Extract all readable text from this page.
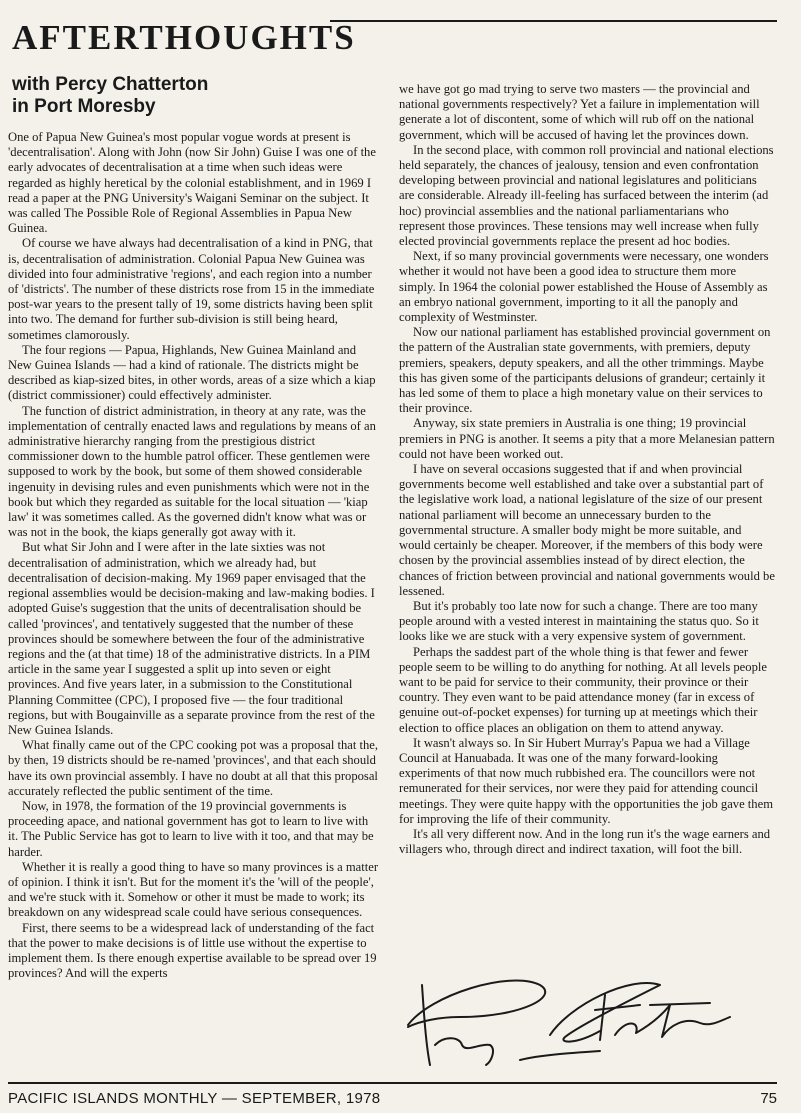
AFTERTHOUGHTS
with Percy Chatterton
in Port Moresby

One of Papua New Guinea's most popular vogue words at present is 'decentralisation'. Along with John (now Sir John) Guise I was one of the early advocates of decentralisation at a time when such ideas were regarded as highly heretical by the colonial establishment, and in 1969 I read a paper at the PNG University's Waigani Seminar on the subject. It was called The Possible Role of Regional Assemblies in Papua New Guinea.

Of course we have always had decentralisation of a kind in PNG, that is, decentralisation of administration. Colonial Papua New Guinea was divided into four administrative 'regions', and each region into a number of 'districts'. The number of these districts rose from 15 in the immediate post-war years to the present tally of 19, some districts having been split into two. The demand for further sub-division is still being heard, sometimes clamorously.

The four regions — Papua, Highlands, New Guinea Mainland and New Guinea Islands — had a kind of rationale. The districts might be described as kiap-sized bites, in other words, areas of a size which a kiap (district commissioner) could effectively administer.

The function of district administration, in theory at any rate, was the implementation of centrally enacted laws and regulations by means of an administrative hierarchy ranging from the prestigious district commissioner down to the humble patrol officer. These gentlemen were supposed to work by the book, but some of them showed considerable ingenuity in devising rules and even punishments which were not in the book but which they regarded as suitable for the local situation — 'kiap law' it was sometimes called. As the governed didn't know what was or was not in the book, the kiaps generally got away with it.

But what Sir John and I were after in the late sixties was not decentralisation of administration, which we already had, but decentralisation of decision-making. My 1969 paper envisaged that the regional assemblies would be decision-making and law-making bodies. I adopted Guise's suggestion that the units of decentralisation should be called 'provinces', and tentatively suggested that the number of these provinces should be somewhere between the four of the administrative regions and the (at that time) 18 of the administrative districts. In a PIM article in the same year I suggested a split up into seven or eight provinces. And five years later, in a submission to the Constitutional Planning Committee (CPC), I proposed five — the four traditional regions, but with Bougainville as a separate province from the rest of the New Guinea Islands.

What finally came out of the CPC cooking pot was a proposal that the, by then, 19 districts should be re-named 'provinces', and that each should have its own provincial assembly. I have no doubt at all that this proposal accurately reflected the public sentiment of the time.

Now, in 1978, the formation of the 19 provincial governments is proceeding apace, and national government has got to learn to live with it. The Public Service has got to learn to live with it too, and that may be harder.

Whether it is really a good thing to have so many provinces is a matter of opinion. I think it isn't. But for the moment it's the 'will of the people', and we're stuck with it. Somehow or other it must be made to work; its breakdown on any widespread scale could have serious consequences.

First, there seems to be a widespread lack of understanding of the fact that the power to make decisions is of little use without the expertise to implement them. Is there enough expertise available to be spread over 19 provinces? And will the experts

we have got go mad trying to serve two masters — the provincial and national governments respectively? Yet a failure in implementation will generate a lot of discontent, some of which will rub off on the national government, which will be accused of having let the provinces down.

In the second place, with common roll provincial and national elections held separately, the chances of jealousy, tension and even confrontation developing between provincial and national legislatures and politicians are considerable. Already ill-feeling has surfaced between the interim (ad hoc) provincial assemblies and the national parliamentarians who represent those provinces. These tensions may well increase when fully elected provincial governments replace the present ad hoc bodies.

Next, if so many provincial governments were necessary, one wonders whether it would not have been a good idea to structure them more simply. In 1964 the colonial power established the House of Assembly as an embryo national government, importing to it all the panoply and complexity of Westminster.

Now our national parliament has established provincial government on the pattern of the Australian state governments, with premiers, deputy premiers, speakers, deputy speakers, and all the other trimmings. Maybe this has given some of the participants delusions of grandeur; certainly it has led some of them to place a high monetary value on their services to their province.

Anyway, six state premiers in Australia is one thing; 19 provincial premiers in PNG is another. It seems a pity that a more Melanesian pattern could not have been worked out.

I have on several occasions suggested that if and when provincial governments become well established and take over a substantial part of the legislative work load, a national legislature of the size of our present national parliament will become an unnecessary burden to the governmental structure. A smaller body might be more suitable, and would certainly be cheaper. Moreover, if the members of this body were chosen by the provincial assemblies instead of by direct election, the chances of friction between provincial and national governments would be lessened.

But it's probably too late now for such a change. There are too many people around with a vested interest in maintaining the status quo. So it looks like we are stuck with a very expensive system of government.

Perhaps the saddest part of the whole thing is that fewer and fewer people seem to be willing to do anything for nothing. At all levels people want to be paid for service to their community, their province or their country. They even want to be paid attendance money (far in excess of genuine out-of-pocket expenses) for turning up at meetings which their election to office places an obligation on them to attend anyway.

It wasn't always so. In Sir Hubert Murray's Papua we had a Village Council at Hanuabada. It was one of the many forward-looking experiments of that now much rubbished era. The councillors were not remunerated for their services, nor were they paid for attending council meetings. They were quite happy with the opportunities the job gave them for improving the life of their community.

It's all very different now. And in the long run it's the wage earners and villagers who, through direct and indirect taxation, will foot the bill.

PACIFIC ISLANDS MONTHLY — SEPTEMBER, 1978	75
